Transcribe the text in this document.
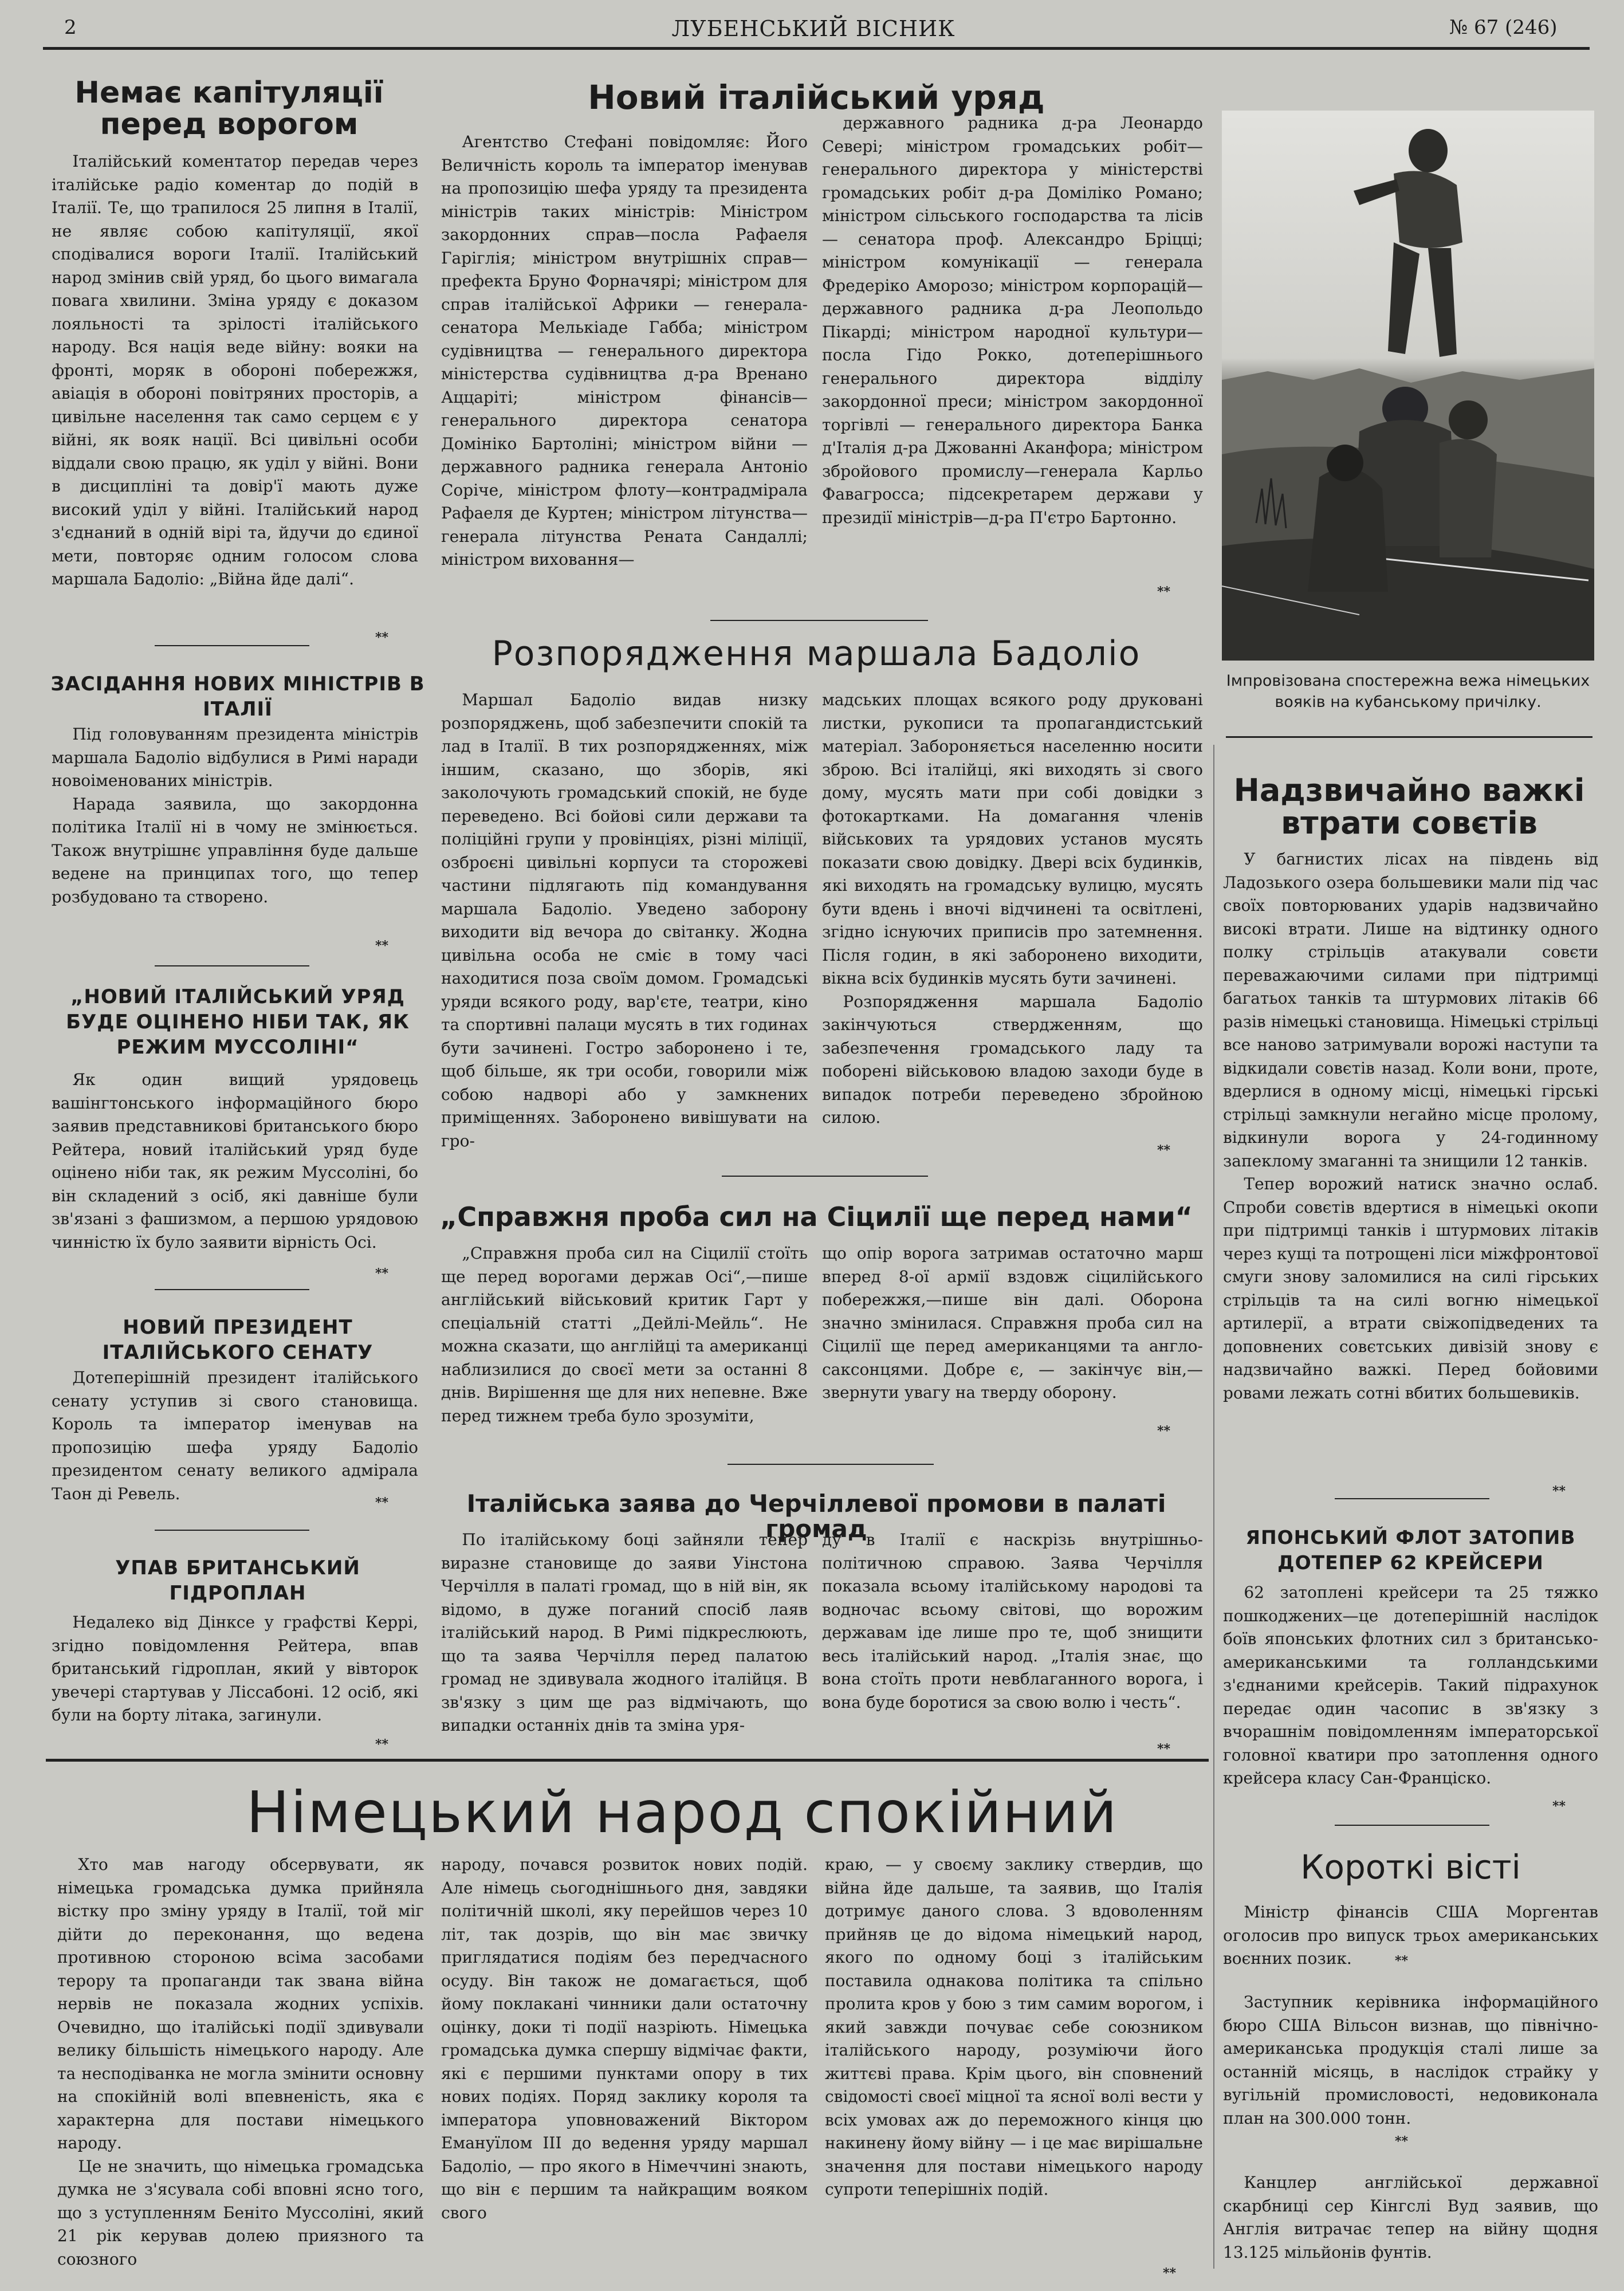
2	ЛУБЕНСЬКИЙ ВІСНИК	№ 67 (246)
Немає капітуляції перед ворогом
Італійський коментатор передав через італійське радіо коментар до подій в Італії. Те, що трапилося 25 липня в Італії, не являє собою капітуляції, якої сподівалися вороги Італії. Італійський народ змінив свій уряд, бо цього вимагала повага хвилини. Зміна уряду є доказом лояльності та зрілості італійського народу. Вся нація веде війну: вояки на фронті, моряк в обороні побережжя, авіація в обороні повітряних просторів, а цивільне населення так само серцем є у війні, як вояк нації. Всі цивільні особи віддали свою працю, як уділ у війні. Вони в дисципліні та довір'ї мають дуже високий уділ у війні. Італійський народ з'єднаний в одній вірі та, йдучи до єдиної мети, повторяє одним голосом слова маршала Бадоліо: „Війна йде далі“.
**
ЗАСІДАННЯ НОВИХ МІНІСТРІВ В ІТАЛІЇ

Під головуванням президента міністрів маршала Бадоліо відбулися в Римі наради новоіменованих міністрів.

Нарада заявила, що закордонна політика Італії ні в чому не змінюється. Також внутрішнє управління буде дальше ведене на принципах того, що тепер розбудовано та створено.

**
„НОВИЙ ІТАЛІЙСЬКИЙ УРЯД БУДЕ ОЦІНЕНО НІБИ ТАК, ЯК РЕЖИМ МУССОЛІНІ“
Як один вищий урядовець вашінгтонського інформаційного бюро заявив представникові британського бюро Рейтера, новий італійський уряд буде оцінено ніби так, як режим Муссоліні, бо він складений з осіб, які давніше були зв'язані з фашизмом, а першою урядовою чинністю їх було заявити вірність Осі.
**
НОВИЙ ПРЕЗИДЕНТ ІТАЛІЙСЬКОГО СЕНАТУ
Дотеперішній президент італійського сенату уступив зі свого становища. Король та імператор іменував на пропозицію шефа уряду Бадоліо президентом сенату великого адмірала Таон ді Ревель.	**
УПАВ БРИТАНСЬКИЙ ГІДРОПЛАН
Недалеко від Дінксе у графстві Керрі, згідно повідомлення Рейтера, впав британський гідроплан, який у вівторок увечері стартував у Ліссабоні. 12 осіб, які були на борту літака, загинули.
**
Новий італійський уряд
Агентство Стефані повідомляє: Його Величність король та імператор іменував на пропозицію шефа уряду та президента міністрів таких міністрів: Міністром закордонних справ—посла Рафаеля Гаріглія; міністром внутрішніх справ—префекта Бруно Форначярі; міністром для справ італійської Африки — генерала-сенатора Мелькіаде Габба; міністром судівництва — генерального директора міністерства судівництва д-ра Вренано Аццаріті; міністром фінансів—генерального директора сенатора Домініко Бартоліні; міністром війни — державного радника генерала Антоніо Соріче, міністром флоту—контрадмірала Рафаеля де Куртен; міністром літунства—генерала літунства Рената Сандаллі; міністром виховання—
державного радника д-ра Леонардо Севері; міністром громадських робіт—генерального директора у міністерстві громадських робіт д-ра Доміліко Романо; міністром сільського господарства та лісів — сенатора проф. Александро Бріцці; міністром комунікації — генерала Фредеріко Аморозо; міністром корпорацій—державного радника д-ра Леопольдо Пікарді; міністром народної культури—посла Гідо Рокко, дотеперішнього генерального директора відділу закордонної преси; міністром закордонної торгівлі — генерального директора Банка д'Італія д-ра Джованні Аканфора; міністром збройового промислу—генерала Карльо Фавагросса; підсекретарем держави у президії міністрів—д-ра П'єтро Бартонно.
**
Розпорядження маршала Бадоліо
Маршал Бадоліо видав низку розпоряджень, щоб забезпечити спокій та лад в Італії. В тих розпорядженнях, між іншим, сказано, що зборів, які заколочують громадський спокій, не буде переведено. Всі бойові сили держави та поліційні групи у провінціях, різні міліції, озброєні цивільні корпуси та сторожеві частини підлягають під командування маршала Бадоліо. Уведено заборону виходити від вечора до світанку. Жодна цивільна особа не сміє в тому часі находитися поза своїм домом. Громадські уряди всякого роду, вар'єте, театри, кіно та спортивні палаци мусять в тих годинах бути зачинені. Гостро заборонено і те, щоб більше, як три особи, говорили між собою надворі або у замкнених приміщеннях. Заборонено вивішувати на гро-

мадських площах всякого роду друковані листки, рукописи та пропагандистський матеріал. Забороняється населенню носити зброю. Всі італійці, які виходять зі свого дому, мусять мати при собі довідки з фотокартками. На домагання членів військових та урядових установ мусять показати свою довідку. Двері всіх будинків, які виходять на громадську вулицю, мусять бути вдень і вночі відчинені та освітлені, згідно існуючих приписів про затемнення. Після годин, в які заборонено виходити, вікна всіх будинків мусять бути зачинені.

Розпорядження маршала Бадоліо закінчуються ствердженням, що забезпечення громадського ладу та поборені військовою владою заходи буде в випадок потреби переведено збройною силою.

**
„Справжня проба сил на Сіцилії ще перед нами“
„Справжня проба сил на Сіцилії стоїть ще перед ворогами держав Осі“,—пише англійський військовий критик Гарт у спеціальній статті „Дейлі-Мейль“. Не можна сказати, що англійці та американці наблизилися до своєї мети за останні 8 днів. Вирішення ще для них непевне. Вже перед тижнем треба було зрозуміти,
що опір ворога затримав остаточно марш вперед 8-ої армії вздовж сіцилійського побережжя,—пише він далі. Оборона значно змінилася. Справжня проба сил на Сіцилії ще перед американцями та англо-саксонцями. Добре є, — закінчує він,—звернути увагу на тверду оборону.
**
Італійська заява до Черчіллевої промови в палаті громад
По італійському боці зайняли тепер виразне становище до заяви Уінстона Черчілля в палаті громад, що в ній він, як відомо, в дуже поганий спосіб лаяв італійський народ. В Римі підкреслюють, що та заява Черчілля перед палатою громад не здивувала жодного італійця. В зв'язку з цим ще раз відмічають, що випадки останніх днів та зміна уря-
ду в Італії є наскрізь внутрішньо-політичною справою. Заява Черчілля показала всьому італійському народові та водночас всьому світові, що ворожим державам іде лише про те, щоб знищити весь італійський народ. „Італія знає, що вона стоїть проти невблаганного ворога, і вона буде боротися за свою волю і честь“.
**
Імпровізована спостережна вежа німецьких вояків на кубанському причілку.
Надзвичайно важкі втрати совєтів

У багнистих лісах на південь від Ладозького озера большевики мали під час своїх повторюваних ударів надзвичайно високі втрати. Лише на відтинку одного полку стрільців атакували совєти переважаючими силами при підтримці багатьох танків та штурмових літаків 66 разів німецькі становища. Німецькі стрільці все наново затримували ворожі наступи та відкидали совєтів назад. Коли вони, проте, вдерлися в одному місці, німецькі гірські стрільці замкнули негайно місце пролому, відкинули ворога у 24-годинному запеклому змаганні та знищили 12 танків.

Тепер ворожий натиск значно ослаб. Спроби совєтів вдертися в німецькі окопи при підтримці танків і штурмових літаків через кущі та потрощені ліси міжфронтової смуги знову заломилися на силі гірських стрільців та на силі вогню німецької артилерії, а втрати свіжопідведених та доповнених совєтських дивізій знову є надзвичайно важкі. Перед бойовими ровами лежать сотні вбитих большевиків.

**
ЯПОНСЬКИЙ ФЛОТ ЗАТОПИВ ДОТЕПЕР 62 КРЕЙСЕРИ
62 затоплені крейсери та 25 тяжко пошкоджених—це дотеперішній наслідок боїв японських флотних сил з британсько-американськими та голландськими з'єднаними крейсерів. Такий підрахунок передає один часопис в зв'язку з вчорашнім повідомленням імператорської головної кватири про затоплення одного крейсера класу Сан-Франціско.
**
Короткі вісті
Міністр фінансів США Моргентав оголосив про випуск трьох американських воєнних позик.	**
Заступник керівника інформаційного бюро США Вільсон визнав, що північно-американська продукція сталі лише за останній місяць, в наслідок страйку у вугільній промисловості, недовиконала план на 300.000 тонн.
**
Канцлер англійської державної скарбниці сер Кінгслі Вуд заявив, що Англія витрачає тепер на війну щодня 13.125 мільйонів фунтів.
Німецький народ спокійний

Хто мав нагоду обсервувати, як німецька громадська думка прийняла вістку про зміну уряду в Італії, той міг дійти до переконання, що ведена противною стороною всіма засобами терору та пропаганди так звана війна нервів не показала жодних успіхів. Очевидно, що італійські події здивували велику більшість німецького народу. Але та несподіванка не могла змінити основну на спокійній волі впевненість, яка є характерна для постави німецького народу.

Це не значить, що німецька громадська думка не з'ясувала собі вповні ясно того, що з уступленням Беніто Муссоліні, який 21 рік керував долею приязного та союзного

народу, почався розвиток нових подій. Але німець сьогоднішнього дня, завдяки політичній школі, яку перейшов через 10 літ, так дозрів, що він має звичку приглядатися подіям без передчасного осуду. Він також не домагається, щоб йому поклакані чинники дали остаточну оцінку, доки ті події назріють. Німецька громадська думка спершу відмічає факти, які є першими пунктами опору в тих нових подіях. Поряд заклику короля та імператора уповноважений Віктором Емануїлом III до ведення уряду маршал Бадоліо, — про якого в Німеччині знають, що він є першим та найкращим вояком свого
краю, — у своєму заклику ствердив, що війна йде дальше, та заявив, що Італія дотримує даного слова. З вдоволенням прийняв це до відома німецький народ, якого по одному боці з італійським поставила однакова політика та спільно пролита кров у бою з тим самим ворогом, і який завжди почуває себе союзником італійського народу, розуміючи його життєві права. Крім цього, він сповнений свідомості своєї міцної та ясної волі вести у всіх умовах аж до переможного кінця цю накинену йому війну — і це має вирішальне значення для постави німецького народу супроти теперішніх подій.
**
